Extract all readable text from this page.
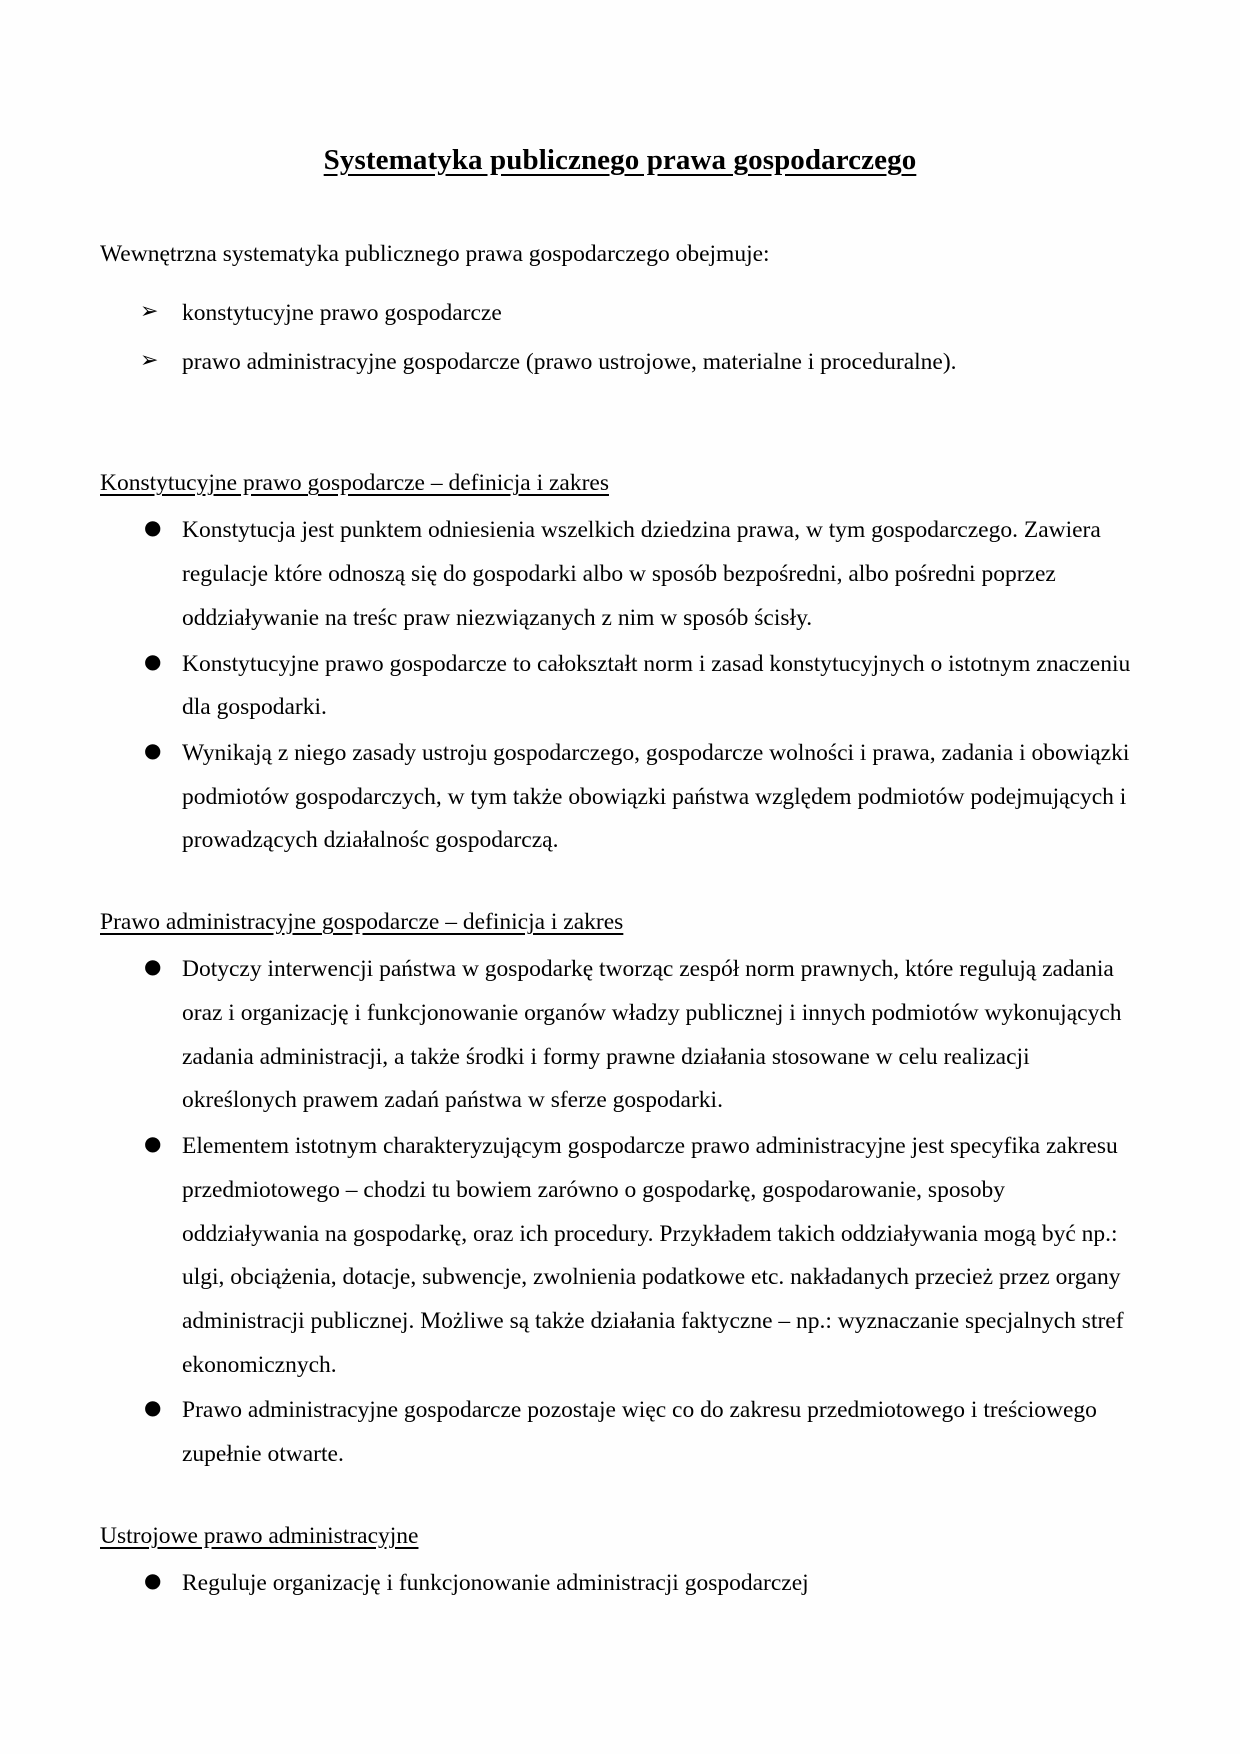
Systematyka publicznego prawa gospodarczego

Wewnętrzna systematyka publicznego prawa gospodarczego obejmuje:

➢ konstytucyjne prawo gospodarcze
➢ prawo administracyjne gospodarcze (prawo ustrojowe, materialne i proceduralne).
Konstytucyjne prawo gospodarcze – definicja i zakres
● Konstytucja jest punktem odniesienia wszelkich dziedzina prawa, w tym gospodarczego. Zawiera regulacje które odnoszą się do gospodarki albo w sposób bezpośredni, albo pośredni poprzez oddziaływanie na treśc praw niezwiązanych z nim w sposób ścisły.
● Konstytucyjne prawo gospodarcze to całokształt norm i zasad konstytucyjnych o istotnym znaczeniu dla gospodarki.
● Wynikają z niego zasady ustroju gospodarczego, gospodarcze wolności i prawa, zadania i obowiązki podmiotów gospodarczych, w tym także obowiązki państwa względem podmiotów podejmujących i prowadzących działalnośc gospodarczą.
Prawo administracyjne gospodarcze – definicja i zakres
● Dotyczy interwencji państwa w gospodarkę tworząc zespół norm prawnych, które regulują zadania oraz i organizację i funkcjonowanie organów władzy publicznej i innych podmiotów wykonujących zadania administracji, a także środki i formy prawne działania stosowane w celu realizacji określonych prawem zadań państwa w sferze gospodarki.
● Elementem istotnym charakteryzującym gospodarcze prawo administracyjne jest specyfika zakresu przedmiotowego – chodzi tu bowiem zarówno o gospodarkę, gospodarowanie, sposoby oddziaływania na gospodarkę, oraz ich procedury. Przykładem takich oddziaływania mogą być np.: ulgi, obciążenia, dotacje, subwencje, zwolnienia podatkowe etc. nakładanych przecież przez organy administracji publicznej. Możliwe są także działania faktyczne – np.: wyznaczanie specjalnych stref ekonomicznych.
● Prawo administracyjne gospodarcze pozostaje więc co do zakresu przedmiotowego i treściowego zupełnie otwarte.
Ustrojowe prawo administracyjne
● Reguluje organizację i funkcjonowanie administracji gospodarczej
